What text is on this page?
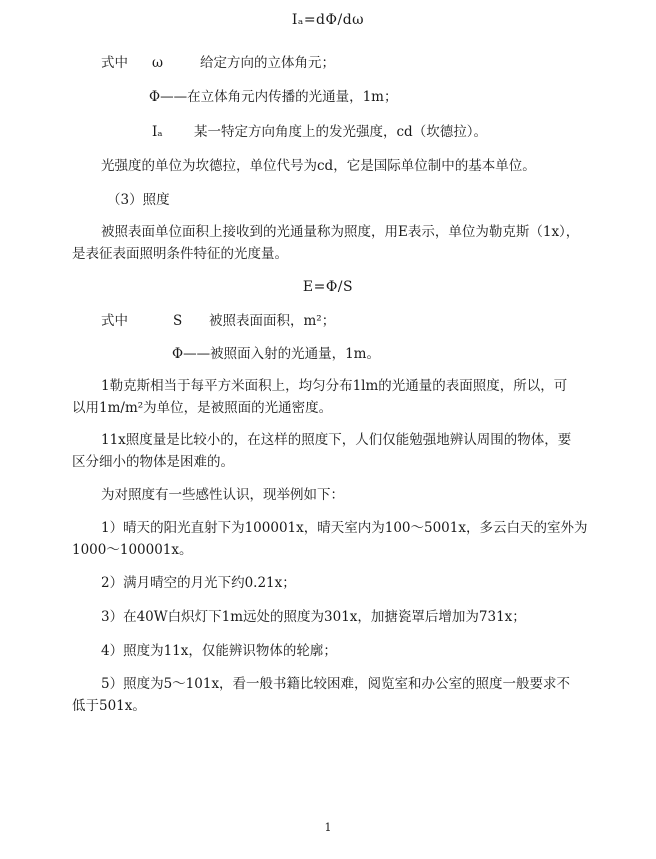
Iₐ=dΦ/dω
式中 ω	给定方向的立体角元；
Φ——在立体角元内传播的光通量，1m；
Iₐ 某一特定方向角度上的发光强度，cd（坎德拉）。
光强度的单位为坎德拉，单位代号为cd，它是国际单位制中的基本单位。
（3）照度
被照表面单位面积上接收到的光通量称为照度，用E表示，单位为勒克斯（1x），
是表征表面照明条件特征的光度量。
E=Φ/S
式中	S 被照表面面积，m²；
Φ——被照面入射的光通量，1m。
1勒克斯相当于每平方米面积上，均匀分布1lm的光通量的表面照度，所以，可
以用1m/m²为单位，是被照面的光通密度。
11x照度量是比较小的，在这样的照度下，人们仅能勉强地辨认周围的物体，要
区分细小的物体是困难的。
为对照度有一些感性认识，现举例如下：
1）晴天的阳光直射下为100001x，晴天室内为100～5001x，多云白天的室外为
1000～100001x。
2）满月晴空的月光下约0.21x；
3）在40W白炽灯下1m远处的照度为301x，加搪瓷罩后增加为731x；
4）照度为11x，仅能辨识物体的轮廓；
5）照度为5～101x，看一般书籍比较困难，阅览室和办公室的照度一般要求不
低于501x。
1
